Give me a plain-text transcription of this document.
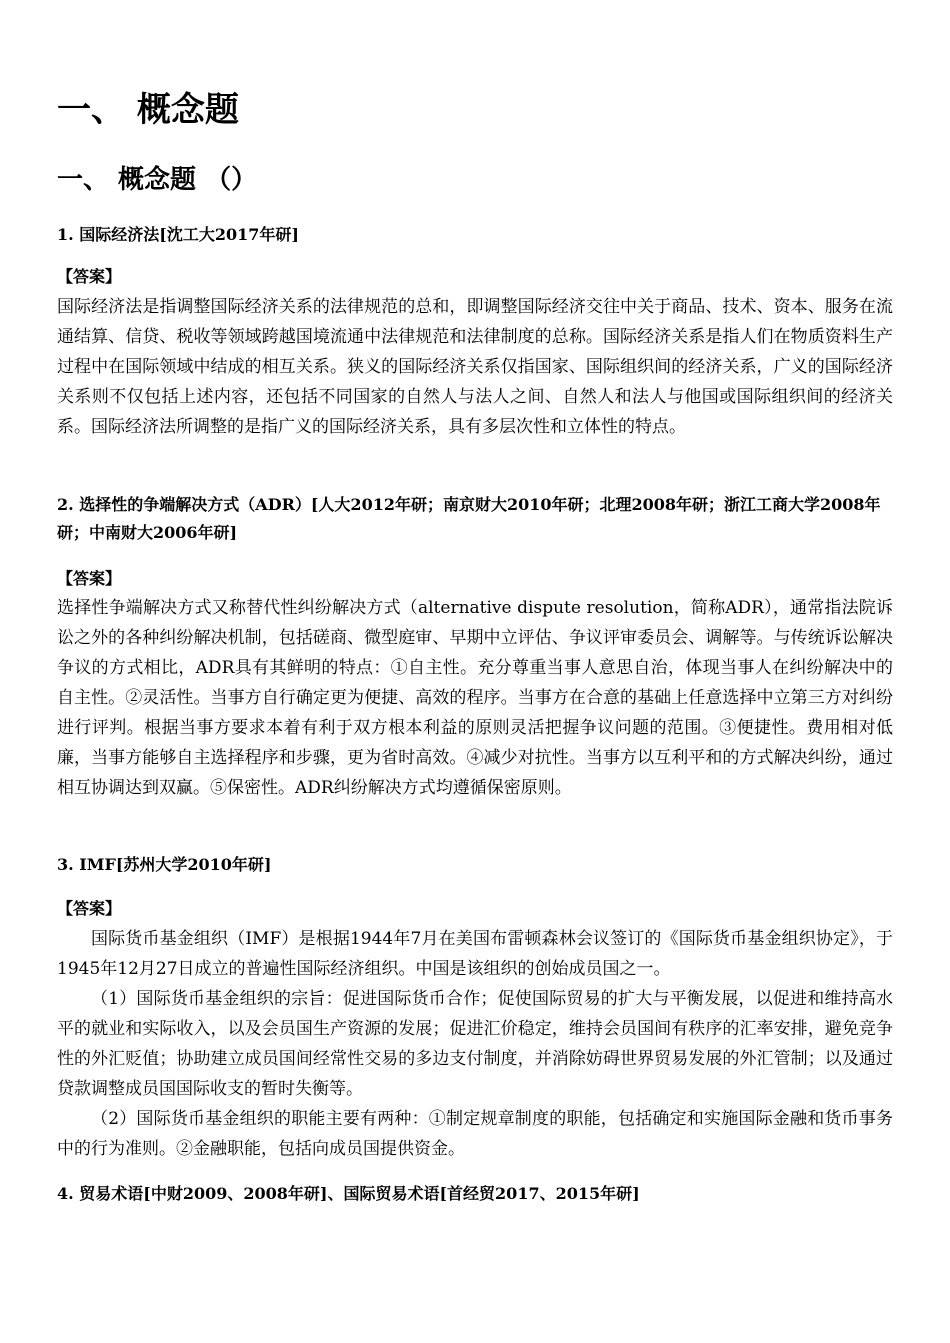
一、 概念题
一、 概念题 （）

1. 国际经济法[沈工大2017年研]

【答案】

国际经济法是指调整国际经济关系的法律规范的总和，即调整国际经济交往中关于商品、技术、资本、服务在流通结算、信贷、税收等领域跨越国境流通中法律规范和法律制度的总称。国际经济关系是指人们在物质资料生产过程中在国际领域中结成的相互关系。狭义的国际经济关系仅指国家、国际组织间的经济关系，广义的国际经济关系则不仅包括上述内容，还包括不同国家的自然人与法人之间、自然人和法人与他国或国际组织间的经济关系。国际经济法所调整的是指广义的国际经济关系，具有多层次性和立体性的特点。

2. 选择性的争端解决方式（ADR）[人大2012年研；南京财大2010年研；北理2008年研；浙江工商大学2008年研；中南财大2006年研]

【答案】

选择性争端解决方式又称替代性纠纷解决方式（alternative dispute resolution，简称ADR），通常指法院诉讼之外的各种纠纷解决机制，包括磋商、微型庭审、早期中立评估、争议评审委员会、调解等。与传统诉讼解决争议的方式相比，ADR具有其鲜明的特点：①自主性。充分尊重当事人意思自治，体现当事人在纠纷解决中的自主性。②灵活性。当事方自行确定更为便捷、高效的程序。当事方在合意的基础上任意选择中立第三方对纠纷进行评判。根据当事方要求本着有利于双方根本利益的原则灵活把握争议问题的范围。③便捷性。费用相对低廉，当事方能够自主选择程序和步骤，更为省时高效。④减少对抗性。当事方以互利平和的方式解决纠纷，通过相互协调达到双赢。⑤保密性。ADR纠纷解决方式均遵循保密原则。

3. IMF[苏州大学2010年研]

【答案】

国际货币基金组织（IMF）是根据1944年7月在美国布雷顿森林会议签订的《国际货币基金组织协定》，于1945年12月27日成立的普遍性国际经济组织。中国是该组织的创始成员国之一。

（1）国际货币基金组织的宗旨：促进国际货币合作；促使国际贸易的扩大与平衡发展，以促进和维持高水平的就业和实际收入，以及会员国生产资源的发展；促进汇价稳定，维持会员国间有秩序的汇率安排，避免竞争性的外汇贬值；协助建立成员国间经常性交易的多边支付制度，并消除妨碍世界贸易发展的外汇管制；以及通过贷款调整成员国国际收支的暂时失衡等。

（2）国际货币基金组织的职能主要有两种：①制定规章制度的职能，包括确定和实施国际金融和货币事务中的行为准则。②金融职能，包括向成员国提供资金。

4. 贸易术语[中财2009、2008年研]、国际贸易术语[首经贸2017、2015年研]
